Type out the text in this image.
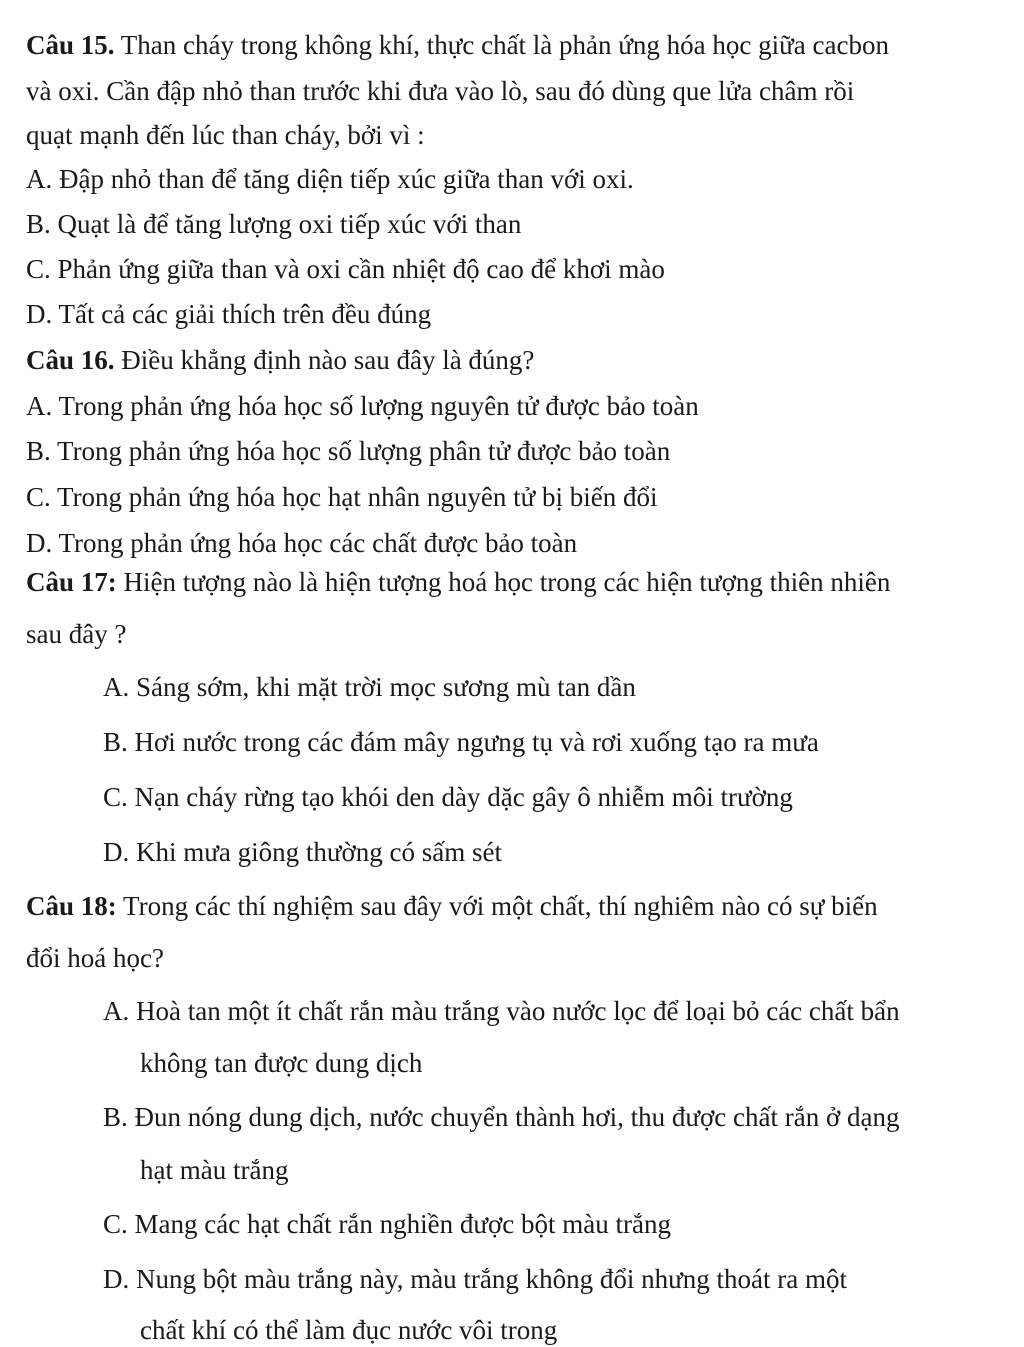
Câu 15. Than cháy trong không khí, thực chất là phản ứng hóa học giữa cacbon
và oxi. Cần đập nhỏ than trước khi đưa vào lò, sau đó dùng que lửa châm rồi
quạt mạnh đến lúc than cháy, bởi vì :
A. Đập nhỏ than để tăng diện tiếp xúc giữa than với oxi.
B. Quạt là để tăng lượng oxi tiếp xúc với than
C. Phản ứng giữa than và oxi cần nhiệt độ cao để khơi mào
D. Tất cả các giải thích trên đều đúng
Câu 16. Điều khẳng định nào sau đây là đúng?
A. Trong phản ứng hóa học số lượng nguyên tử được bảo toàn
B. Trong phản ứng hóa học số lượng phân tử được bảo toàn
C. Trong phản ứng hóa học hạt nhân nguyên tử bị biến đổi
D. Trong phản ứng hóa học các chất được bảo toàn
Câu 17: Hiện tượng nào là hiện tượng hoá học trong các hiện tượng thiên nhiên
sau đây ?
A. Sáng sớm, khi mặt trời mọc sương mù tan dần
B. Hơi nước trong các đám mây ngưng tụ và rơi xuống tạo ra mưa
C. Nạn cháy rừng tạo khói den dày dặc gây ô nhiễm môi trường
D. Khi mưa giông thường có sấm sét
Câu 18: Trong các thí nghiệm sau đây với một chất, thí nghiêm nào có sự biến
đổi hoá học?
A. Hoà tan một ít chất rắn màu trắng vào nước lọc để loại bỏ các chất bẩn
không tan được dung dịch
B. Đun nóng dung dịch, nước chuyển thành hơi, thu được chất rắn ở dạng
hạt màu trắng
C. Mang các hạt chất rắn nghiền được bột màu trắng
D. Nung bột màu trắng này, màu trắng không đổi nhưng thoát ra một
chất khí có thể làm đục nước vôi trong
